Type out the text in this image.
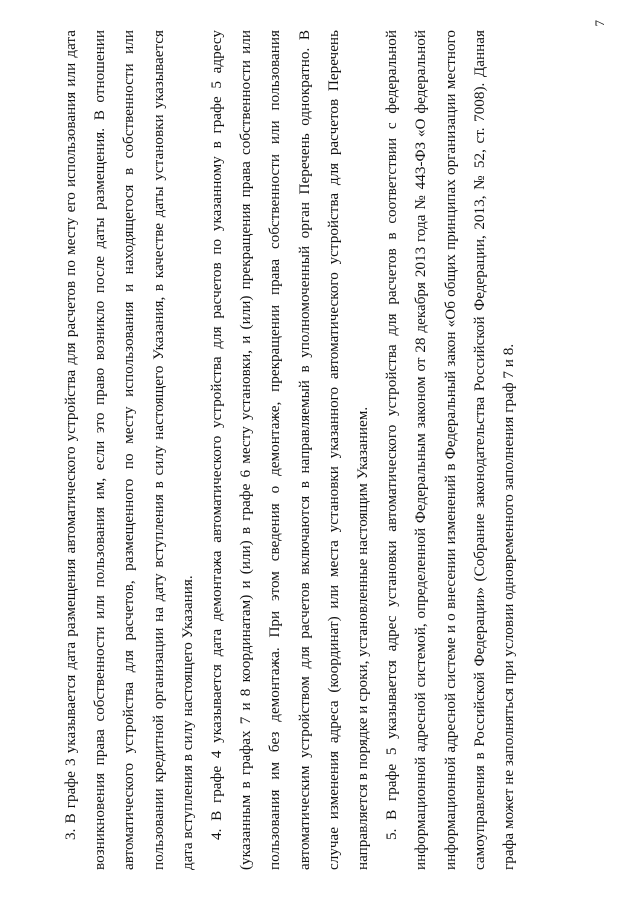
7

3. В графе 3 указывается дата размещения автоматического устройства для расчетов по месту его использования или дата возникновения права собственности или пользования им, если это право возникло после даты размещения. В отношении автоматического устройства для расчетов, размещенного по месту использования и находящегося в собственности или пользовании кредитной организации на дату вступления в силу настоящего Указания, в качестве даты установки указывается дата вступления в силу настоящего Указания. 4. В графе 4 указывается дата демонтажа автоматического устройства для расчетов по указанному в графе 5 адресу (указанным в графах 7 и 8 координатам) и (или) в графе 6 месту установки, и (или) прекращения права собственности или пользования им без демонтажа. При этом сведения о демонтаже, прекращении права собственности или пользования автоматическим устройством для расчетов включаются в направляемый в уполномоченный орган Перечень однократно. В случае изменения адреса (координат) или места установки указанного автоматического устройства для расчетов Перечень направляется в порядке и сроки, установленные настоящим Указанием. 5. В графе 5 указывается адрес установки автоматического устройства для расчетов в соответствии с федеральной информационной адресной системой, определенной Федеральным законом от 28 декабря 2013 года № 443-ФЗ «О федеральной информационной адресной системе и о внесении изменений в Федеральный закон «Об общих принципах организации местного самоуправления в Российской Федерации» (Собрание законодательства Российской Федерации, 2013, № 52, ст. 7008). Данная графа может не заполняться при условии одновременного заполнения граф 7 и 8.
